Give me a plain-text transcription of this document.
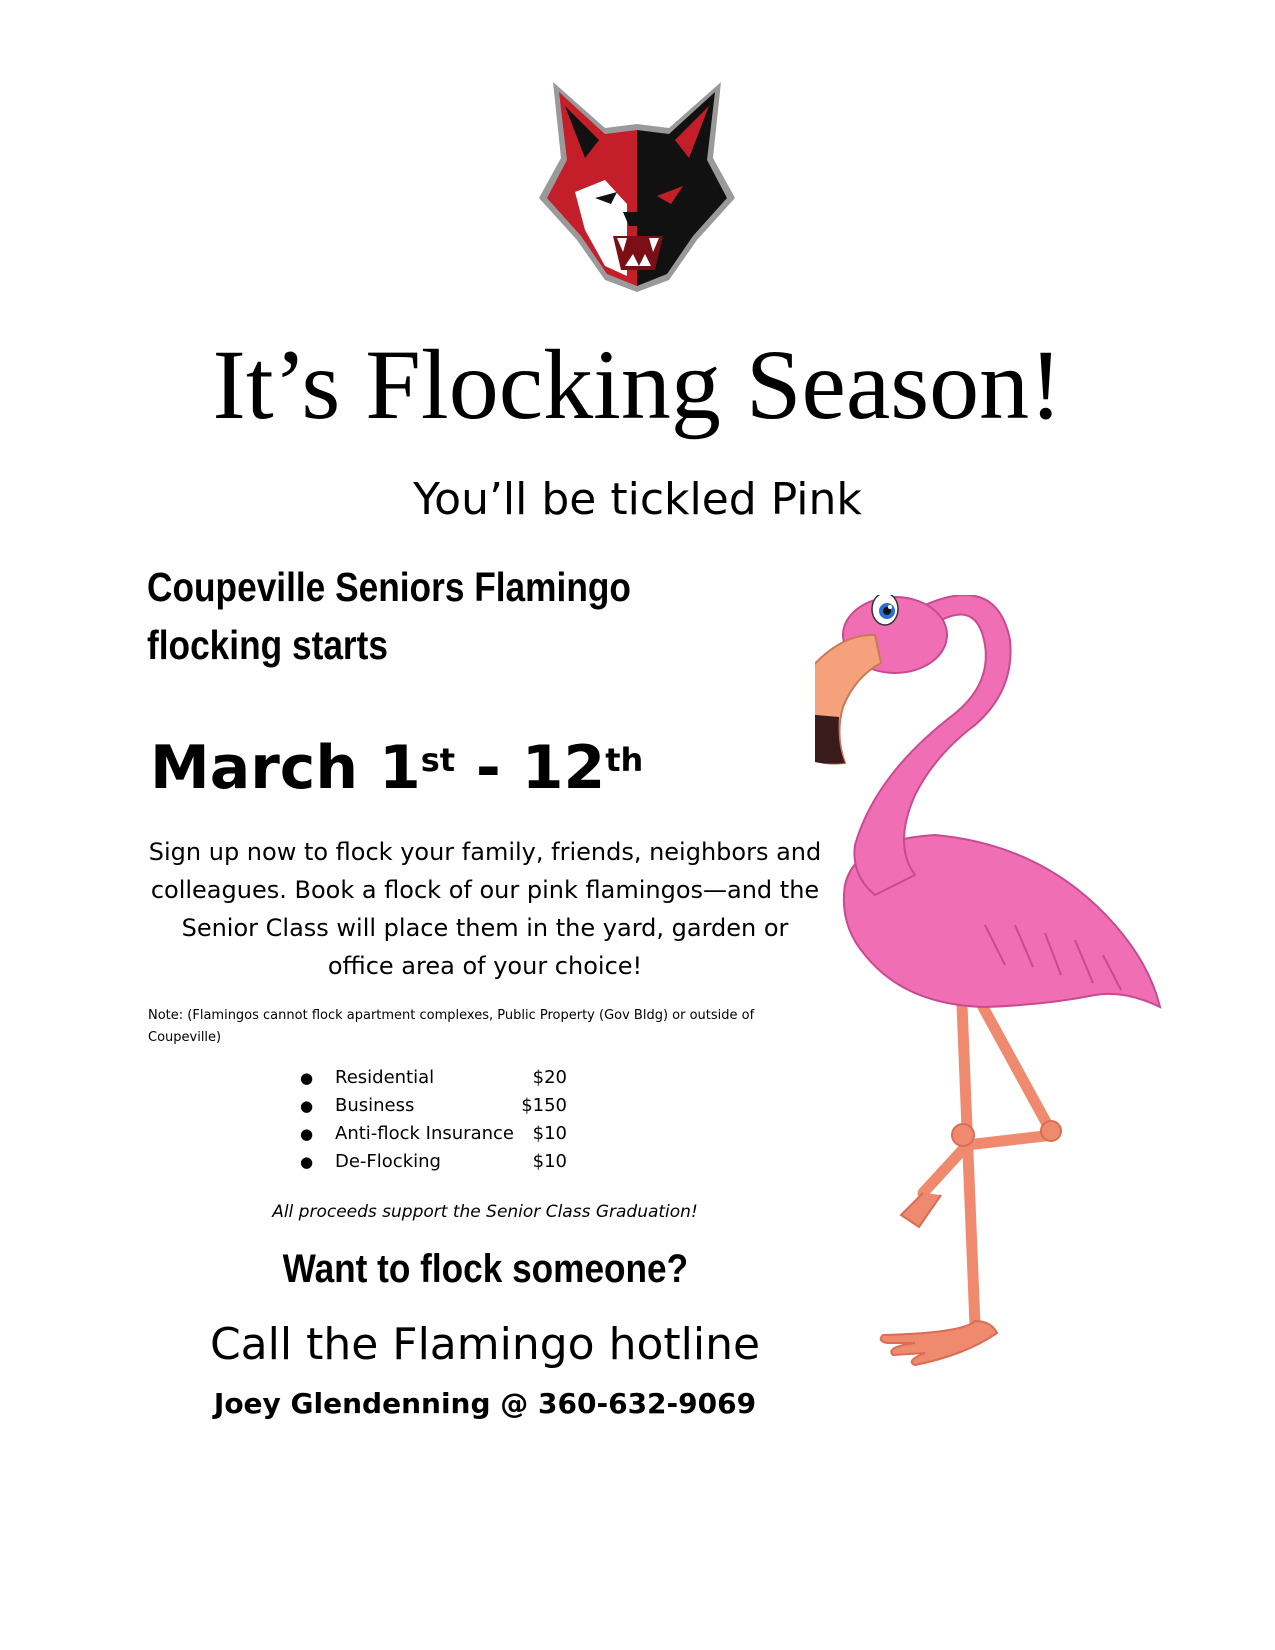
It’s Flocking Season!
You’ll be tickled Pink
Coupeville Seniors Flamingo
flocking starts
March 1st - 12th
Sign up now to flock your family, friends, neighbors and
colleagues. Book a flock of our pink flamingos—and the
Senior Class will place them in the yard, garden or
office area of your choice!
Note: (Flamingos cannot flock apartment complexes, Public Property (Gov Bldg) or outside of Coupeville)
● Residential	$20
● Business	$150
● Anti-flock Insurance	$10
● De-Flocking	$10
All proceeds support the Senior Class Graduation!
Want to flock someone?
Call the Flamingo hotline
Joey Glendenning @ 360-632-9069
